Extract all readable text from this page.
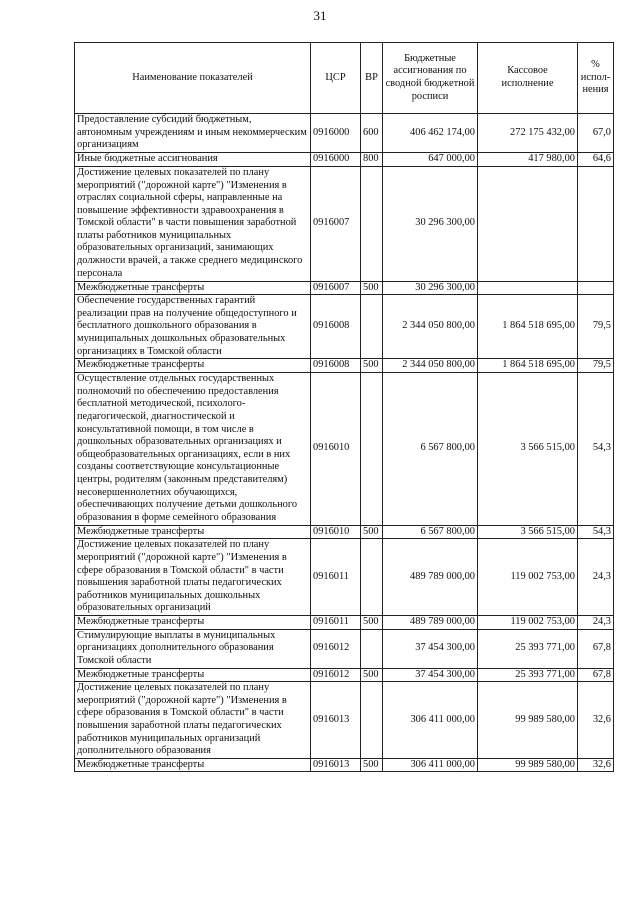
31
Наименование показателей	ЦСР	ВР	Бюджетные ассигнования по сводной бюджетной росписи	Кассовое исполнение	% испол-нения
Предоставление субсидий бюджетным, автономным учреждениям и иным некоммерческим организациям	0916000	600	406 462 174,00	272 175 432,00	67,0
Иные бюджетные ассигнования	0916000	800	647 000,00	417 980,00	64,6
Достижение целевых показателей по плану мероприятий ("дорожной карте") "Изменения в отраслях социальной сферы, направленные на повышение эффективности здравоохранения в Томской области" в части повышения заработной платы работников муниципальных образовательных организаций, занимающих должности врачей, а также среднего медицинского персонала	0916007		30 296 300,00		
Межбюджетные трансферты	0916007	500	30 296 300,00		
Обеспечение государственных гарантий реализации прав на получение общедоступного и бесплатного дошкольного образования в муниципальных дошкольных образовательных организациях в Томской области	0916008		2 344 050 800,00	1 864 518 695,00	79,5
Межбюджетные трансферты	0916008	500	2 344 050 800,00	1 864 518 695,00	79,5
Осуществление отдельных государственных полномочий по обеспечению предоставления бесплатной методической, психолого-педагогической, диагностической и консультативной помощи, в том числе в дошкольных образовательных организациях и общеобразовательных организациях, если в них созданы соответствующие консультационные центры, родителям (законным представителям) несовершеннолетних обучающихся, обеспечивающих получение детьми дошкольного образования в форме семейного образования	0916010		6 567 800,00	3 566 515,00	54,3
Межбюджетные трансферты	0916010	500	6 567 800,00	3 566 515,00	54,3
Достижение целевых показателей по плану мероприятий ("дорожной карте") "Изменения в сфере образования в Томской области" в части повышения заработной платы педагогических работников муниципальных дошкольных образовательных организаций	0916011		489 789 000,00	119 002 753,00	24,3
Межбюджетные трансферты	0916011	500	489 789 000,00	119 002 753,00	24,3
Стимулирующие выплаты в муниципальных организациях дополнительного образования Томской области	0916012		37 454 300,00	25 393 771,00	67,8
Межбюджетные трансферты	0916012	500	37 454 300,00	25 393 771,00	67,8
Достижение целевых показателей по плану мероприятий ("дорожной карте") "Изменения в сфере образования в Томской области" в части повышения заработной платы педагогических работников муниципальных организаций дополнительного образования	0916013		306 411 000,00	99 989 580,00	32,6
Межбюджетные трансферты	0916013	500	306 411 000,00	99 989 580,00	32,6
